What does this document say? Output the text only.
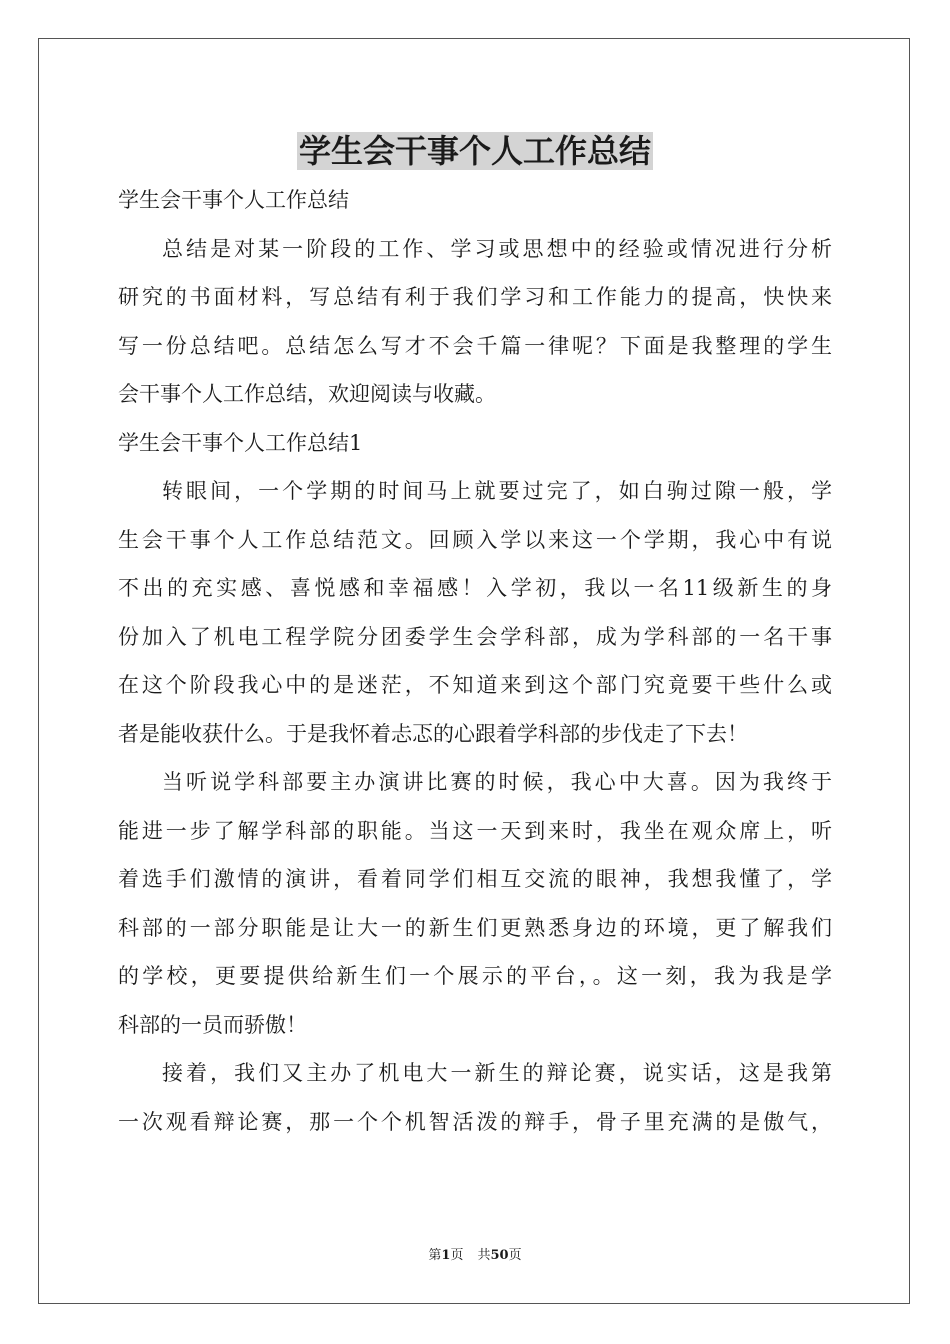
学生会干事个人工作总结
学生会干事个人工作总结
总结是对某一阶段的工作、学习或思想中的经验或情况进行分析
研究的书面材料，写总结有利于我们学习和工作能力的提高，快快来
写一份总结吧。总结怎么写才不会千篇一律呢？下面是我整理的学生
会干事个人工作总结，欢迎阅读与收藏。
学生会干事个人工作总结1
转眼间，一个学期的时间马上就要过完了，如白驹过隙一般，学
生会干事个人工作总结范文。回顾入学以来这一个学期，我心中有说
不出的充实感、喜悦感和幸福感！入学初，我以一名11级新生的身
份加入了机电工程学院分团委学生会学科部，成为学科部的一名干事
在这个阶段我心中的是迷茫，不知道来到这个部门究竟要干些什么或
者是能收获什么。于是我怀着忐忑的心跟着学科部的步伐走了下去！
当听说学科部要主办演讲比赛的时候，我心中大喜。因为我终于
能进一步了解学科部的职能。当这一天到来时，我坐在观众席上，听
着选手们激情的演讲，看着同学们相互交流的眼神，我想我懂了，学
科部的一部分职能是让大一的新生们更熟悉身边的环境，更了解我们
的学校，更要提供给新生们一个展示的平台，。这一刻，我为我是学
科部的一员而骄傲！
接着，我们又主办了机电大一新生的辩论赛，说实话，这是我第
一次观看辩论赛，那一个个机智活泼的辩手，骨子里充满的是傲气，
第1页 共50页
